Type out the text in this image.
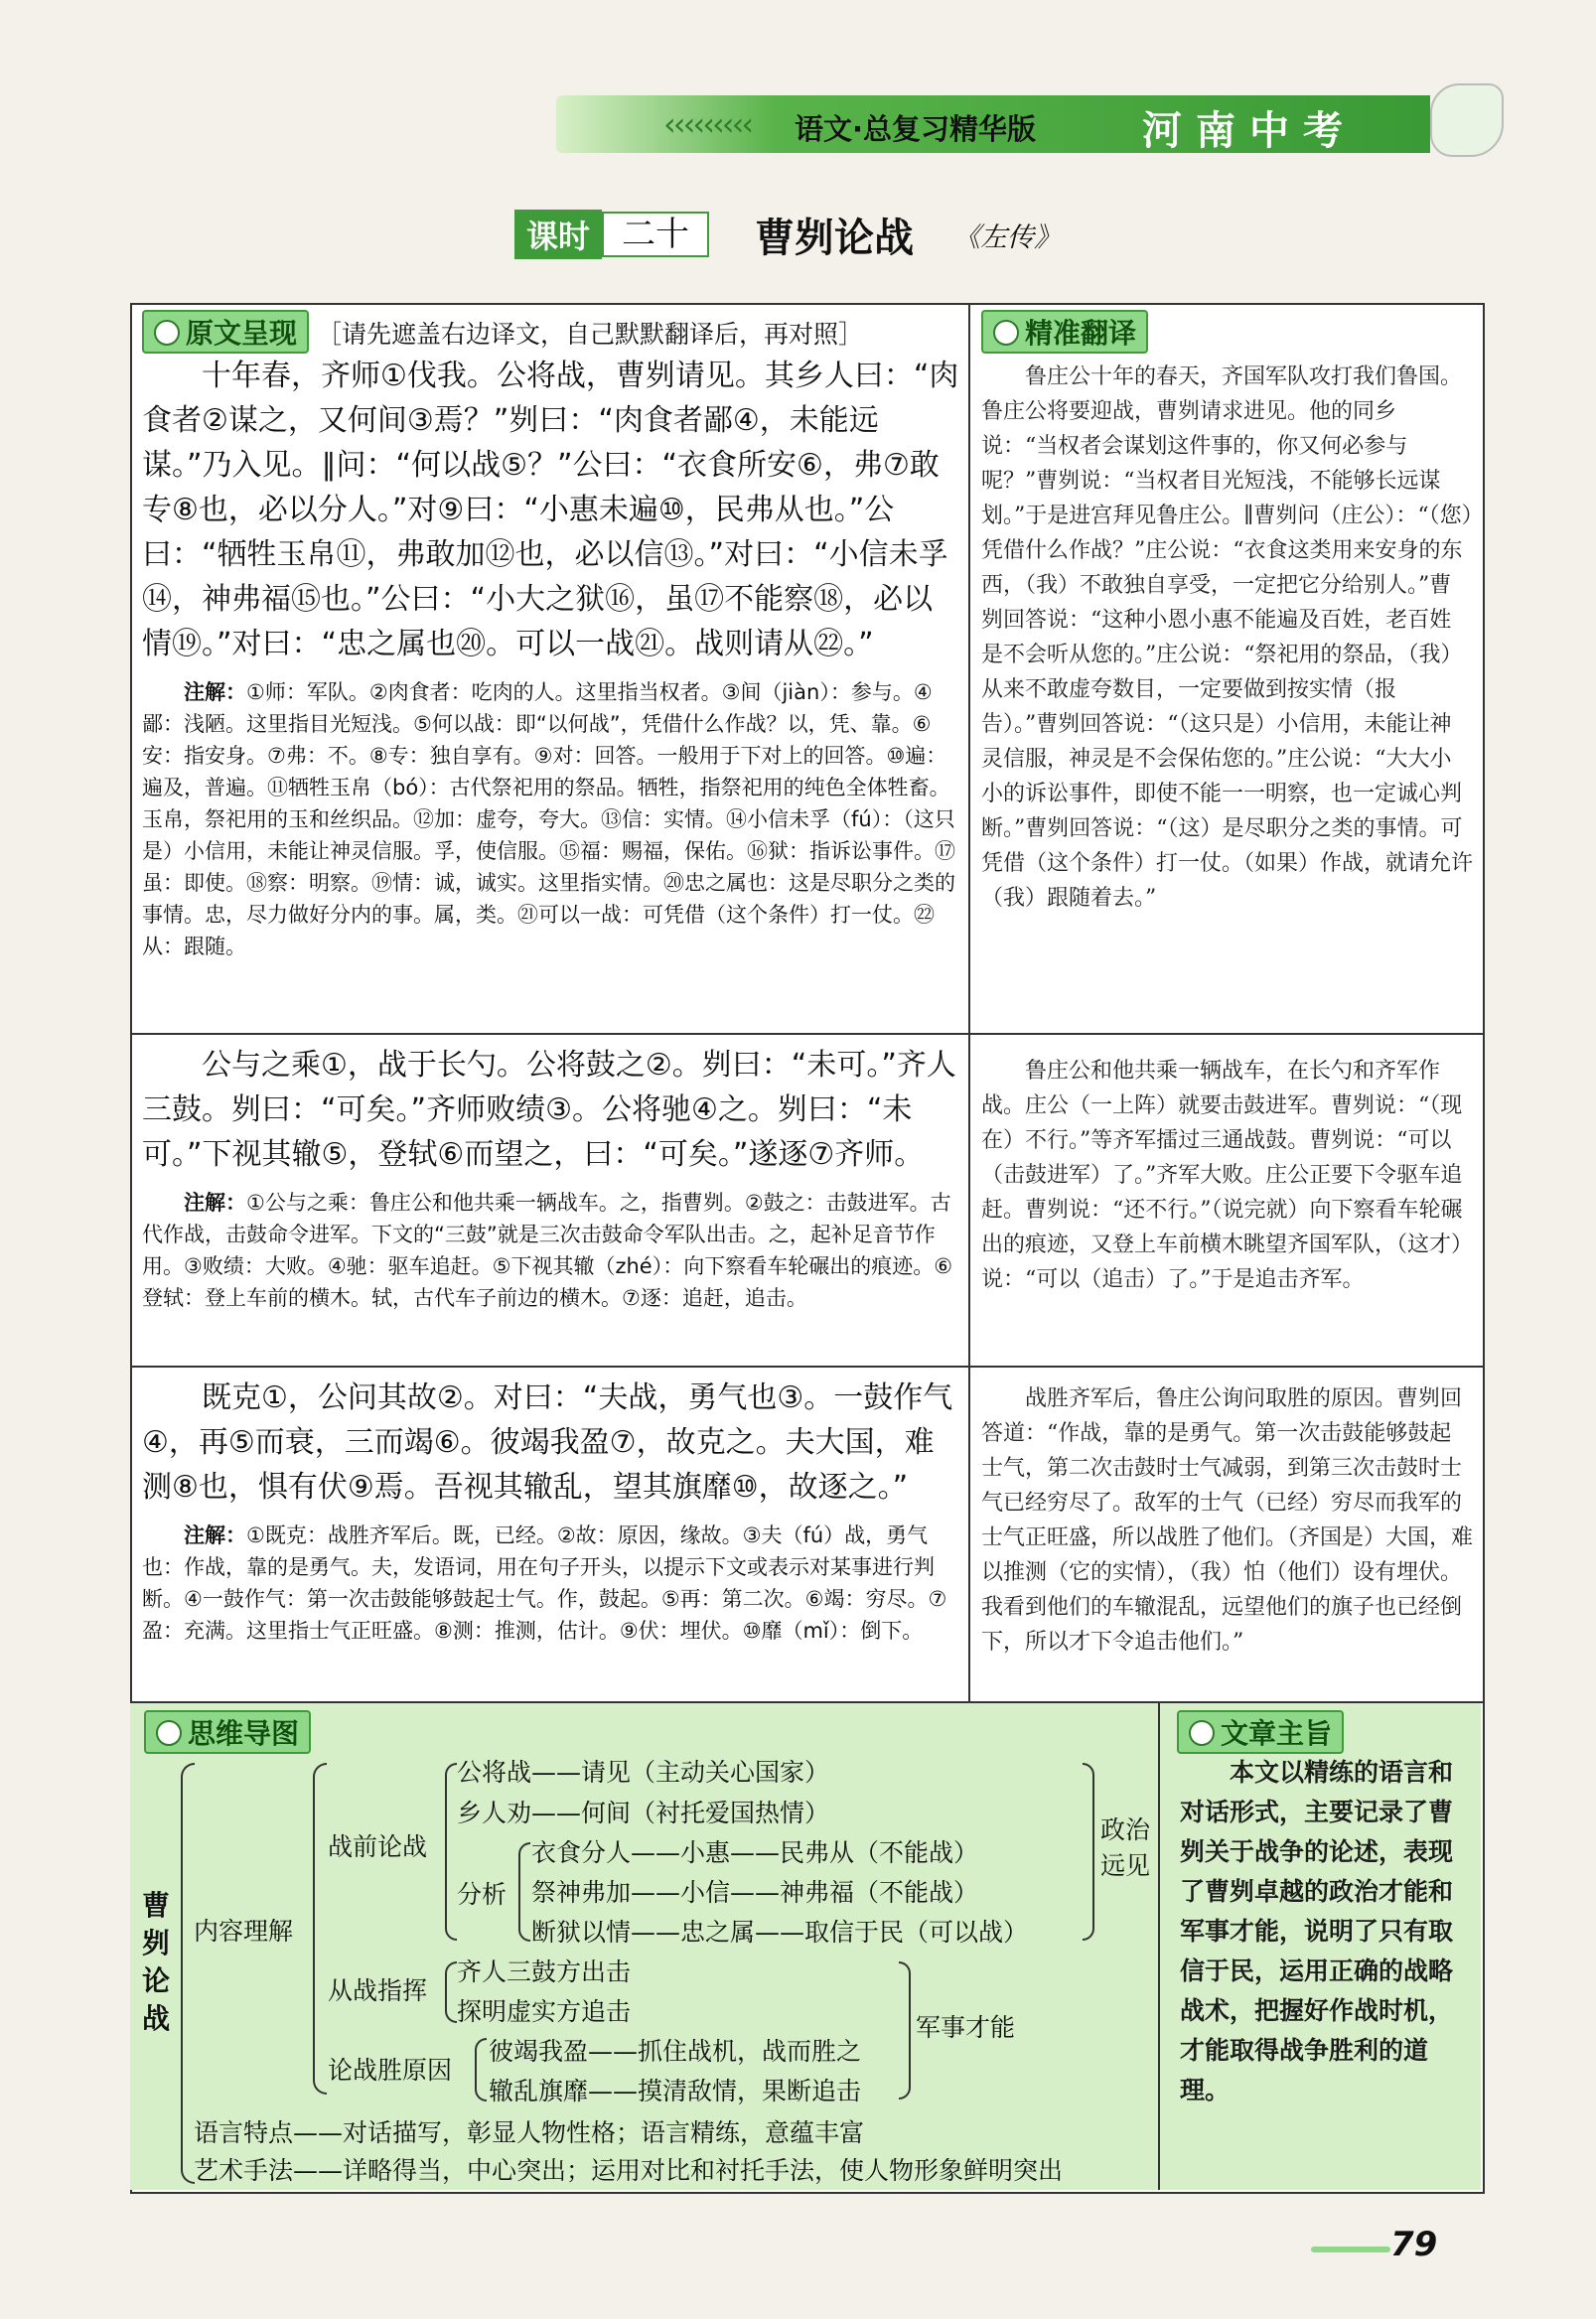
‹‹‹‹‹‹‹‹‹ 语文·总复习精华版	河南中考
课时 二十	曹刿论战 《左传》
原文呈现 ［请先遮盖右边译文，自己默默翻译后，再对照］

十年春，齐师①伐我。公将战，曹刿请见。其乡人曰：“肉食者②谋之，又何间③焉？”刿曰：“肉食者鄙④，未能远谋。”乃入见。∥问：“何以战⑤？”公曰：“衣食所安⑥，弗⑦敢专⑧也，必以分人。”对⑨曰：“小惠未遍⑩，民弗从也。”公曰：“牺牲玉帛⑪，弗敢加⑫也，必以信⑬。”对曰：“小信未孚⑭，神弗福⑮也。”公曰：“小大之狱⑯，虽⑰不能察⑱，必以情⑲。”对曰：“忠之属也⑳。可以一战㉑。战则请从㉒。”

注解：①师：军队。②肉食者：吃肉的人。这里指当权者。③间（jiàn）：参与。④鄙：浅陋。这里指目光短浅。⑤何以战：即“以何战”，凭借什么作战？以，凭、靠。⑥安：指安身。⑦弗：不。⑧专：独自享有。⑨对：回答。一般用于下对上的回答。⑩遍：遍及，普遍。⑪牺牲玉帛（bó）：古代祭祀用的祭品。牺牲，指祭祀用的纯色全体牲畜。玉帛，祭祀用的玉和丝织品。⑫加：虚夸，夸大。⑬信：实情。⑭小信未孚（fú）：（这只是）小信用，未能让神灵信服。孚，使信服。⑮福：赐福，保佑。⑯狱：指诉讼事件。⑰虽：即使。⑱察：明察。⑲情：诚，诚实。这里指实情。⑳忠之属也：这是尽职分之类的事情。忠，尽力做好分内的事。属，类。㉑可以一战：可凭借（这个条件）打一仗。㉒从：跟随。

精准翻译

鲁庄公十年的春天，齐国军队攻打我们鲁国。鲁庄公将要迎战，曹刿请求进见。他的同乡说：“当权者会谋划这件事的，你又何必参与呢？”曹刿说：“当权者目光短浅，不能够长远谋划。”于是进宫拜见鲁庄公。∥曹刿问（庄公）：“（您）凭借什么作战？”庄公说：“衣食这类用来安身的东西，（我）不敢独自享受，一定把它分给别人。”曹刿回答说：“这种小恩小惠不能遍及百姓，老百姓是不会听从您的。”庄公说：“祭祀用的祭品，（我）从来不敢虚夸数目，一定要做到按实情（报告）。”曹刿回答说：“（这只是）小信用，未能让神灵信服，神灵是不会保佑您的。”庄公说：“大大小小的诉讼事件，即使不能一一明察，也一定诚心判断。”曹刿回答说：“（这）是尽职分之类的事情。可凭借（这个条件）打一仗。（如果）作战，就请允许（我）跟随着去。”

公与之乘①，战于长勺。公将鼓之②。刿曰：“未可。”齐人三鼓。刿曰：“可矣。”齐师败绩③。公将驰④之。刿曰：“未可。”下视其辙⑤，登轼⑥而望之，曰：“可矣。”遂逐⑦齐师。

注解：①公与之乘：鲁庄公和他共乘一辆战车。之，指曹刿。②鼓之：击鼓进军。古代作战，击鼓命令进军。下文的“三鼓”就是三次击鼓命令军队出击。之，起补足音节作用。③败绩：大败。④驰：驱车追赶。⑤下视其辙（zhé）：向下察看车轮碾出的痕迹。⑥登轼：登上车前的横木。轼，古代车子前边的横木。⑦逐：追赶，追击。

鲁庄公和他共乘一辆战车，在长勺和齐军作战。庄公（一上阵）就要击鼓进军。曹刿说：“（现在）不行。”等齐军擂过三通战鼓。曹刿说：“可以（击鼓进军）了。”齐军大败。庄公正要下令驱车追赶。曹刿说：“还不行。”（说完就）向下察看车轮碾出的痕迹，又登上车前横木眺望齐国军队，（这才）说：“可以（追击）了。”于是追击齐军。

既克①，公问其故②。对曰：“夫战，勇气也③。一鼓作气④，再⑤而衰，三而竭⑥。彼竭我盈⑦，故克之。夫大国，难测⑧也，惧有伏⑨焉。吾视其辙乱，望其旗靡⑩，故逐之。”

注解：①既克：战胜齐军后。既，已经。②故：原因，缘故。③夫（fú）战，勇气也：作战，靠的是勇气。夫，发语词，用在句子开头，以提示下文或表示对某事进行判断。④一鼓作气：第一次击鼓能够鼓起士气。作，鼓起。⑤再：第二次。⑥竭：穷尽。⑦盈：充满。这里指士气正旺盛。⑧测：推测，估计。⑨伏：埋伏。⑩靡（mǐ）：倒下。

战胜齐军后，鲁庄公询问取胜的原因。曹刿回答道：“作战，靠的是勇气。第一次击鼓能够鼓起士气，第二次击鼓时士气减弱，到第三次击鼓时士气已经穷尽了。敌军的士气（已经）穷尽而我军的士气正旺盛，所以战胜了他们。（齐国是）大国，难以推测（它的实情），（我）怕（他们）设有埋伏。我看到他们的车辙混乱，远望他们的旗子也已经倒下，所以才下令追击他们。”

思维导图
曹刿论战
内容理解
战前论战
公将战——请见（主动关心国家）
乡人劝——何间（衬托爱国热情）
分析
衣食分人——小惠——民弗从（不能战）
祭神弗加——小信——神弗福（不能战）
断狱以情——忠之属——取信于民（可以战）
政治远见
从战指挥
齐人三鼓方出击
探明虚实方追击
论战胜原因
彼竭我盈——抓住战机，战而胜之
辙乱旗靡——摸清敌情，果断追击
军事才能
语言特点——对话描写，彰显人物性格；语言精练，意蕴丰富
艺术手法——详略得当，中心突出；运用对比和衬托手法，使人物形象鲜明突出
文章主旨
本文以精练的语言和对话形式，主要记录了曹刿关于战争的论述，表现了曹刿卓越的政治才能和军事才能，说明了只有取信于民，运用正确的战略战术，把握好作战时机，才能取得战争胜利的道理。
79
